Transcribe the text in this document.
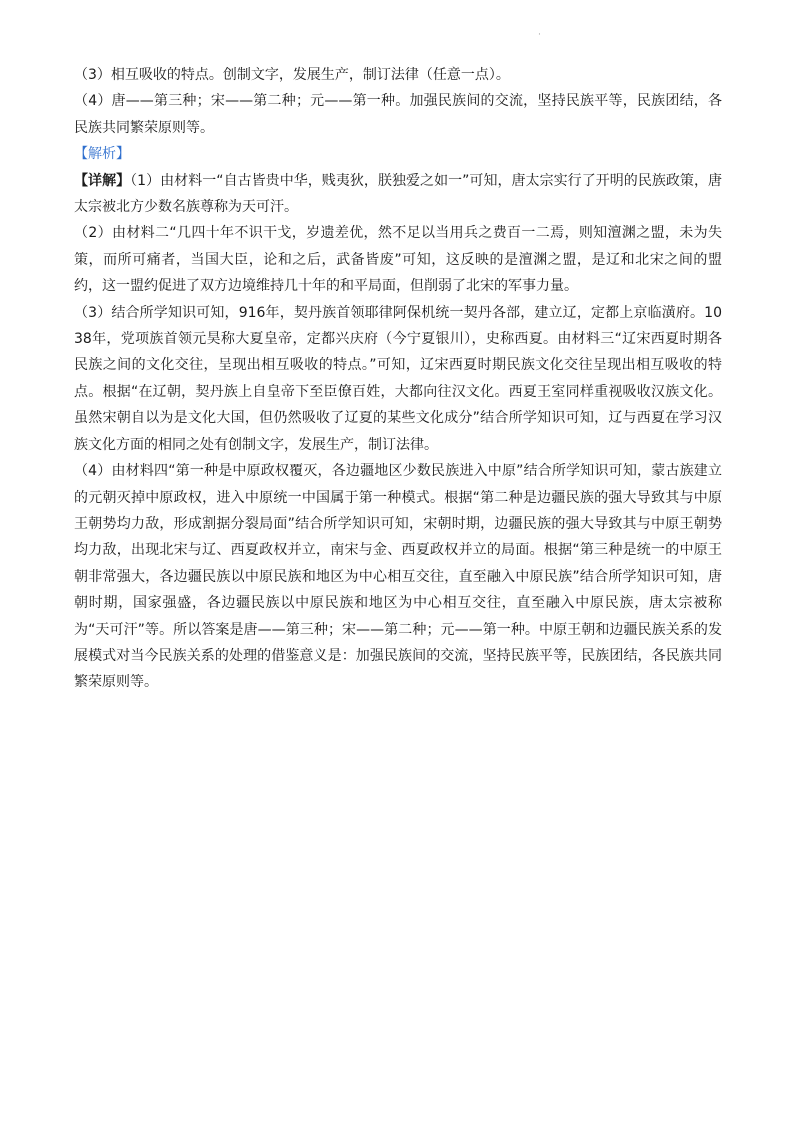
·

（3）相互吸收的特点。创制文字，发展生产，制订法律（任意一点）。

（4）唐——第三种；宋——第二种；元——第一种。加强民族间的交流，坚持民族平等，民族团结，各民族共同繁荣原则等。

【解析】

【详解】（1）由材料一“自古皆贵中华，贱夷狄，朕独爱之如一”可知，唐太宗实行了开明的民族政策，唐太宗被北方少数名族尊称为天可汗。

（2）由材料二“几四十年不识干戈，岁遗差优，然不足以当用兵之费百一二焉，则知澶渊之盟，未为失策，而所可痛者，当国大臣，论和之后，武备皆废”可知，这反映的是澶渊之盟，是辽和北宋之间的盟约，这一盟约促进了双方边境维持几十年的和平局面，但削弱了北宋的军事力量。

（3）结合所学知识可知，916年，契丹族首领耶律阿保机统一契丹各部，建立辽，定都上京临潢府。1038年，党项族首领元昊称大夏皇帝，定都兴庆府（今宁夏银川），史称西夏。由材料三“辽宋西夏时期各民族之间的文化交往，呈现出相互吸收的特点。”可知，辽宋西夏时期民族文化交往呈现出相互吸收的特点。根据“在辽朝，契丹族上自皇帝下至臣僚百姓，大都向往汉文化。西夏王室同样重视吸收汉族文化。虽然宋朝自以为是文化大国，但仍然吸收了辽夏的某些文化成分”结合所学知识可知，辽与西夏在学习汉族文化方面的相同之处有创制文字，发展生产，制订法律。

（4）由材料四“第一种是中原政权覆灭，各边疆地区少数民族进入中原”结合所学知识可知，蒙古族建立的元朝灭掉中原政权，进入中原统一中国属于第一种模式。根据“第二种是边疆民族的强大导致其与中原王朝势均力敌，形成割据分裂局面”结合所学知识可知，宋朝时期，边疆民族的强大导致其与中原王朝势均力敌，出现北宋与辽、西夏政权并立，南宋与金、西夏政权并立的局面。根据“第三种是统一的中原王朝非常强大，各边疆民族以中原民族和地区为中心相互交往，直至融入中原民族”结合所学知识可知，唐朝时期，国家强盛，各边疆民族以中原民族和地区为中心相互交往，直至融入中原民族，唐太宗被称为“天可汗”等。所以答案是唐——第三种；宋——第二种；元——第一种。中原王朝和边疆民族关系的发展模式对当今民族关系的处理的借鉴意义是：加强民族间的交流，坚持民族平等，民族团结，各民族共同繁荣原则等。
